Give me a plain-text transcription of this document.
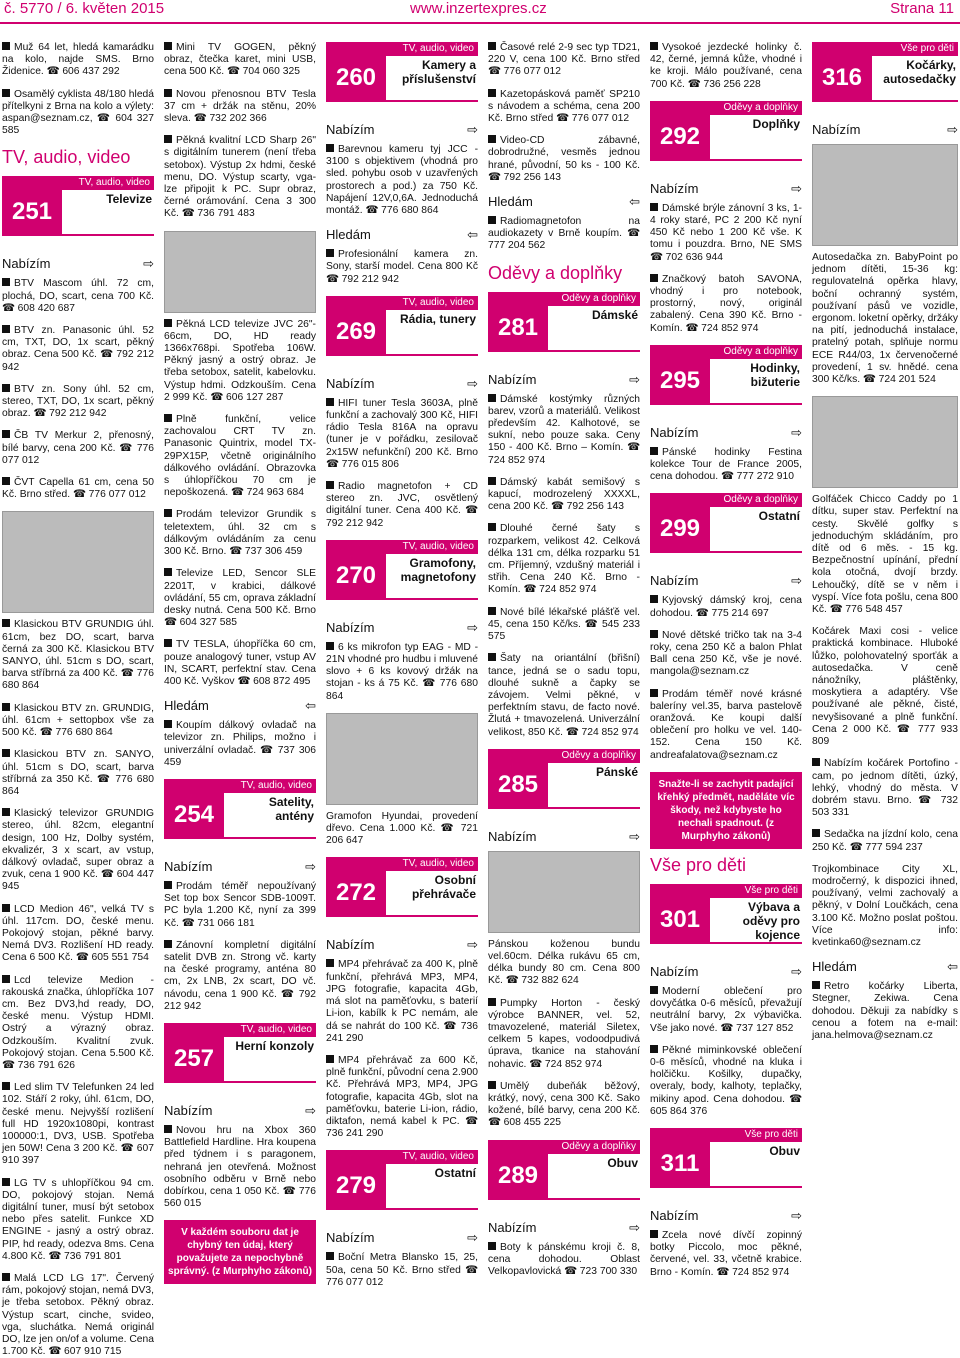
č. 5770 / 6. květen 2015	www.inzertexpres.cz	Strana 11

Muž 64 let, hledá kamarádku na kolo, najde SMS. Brno Židenice. ☎ 606 437 292

Osamělý cyklista 48/180 hledá přítelkyni z Brna na kolo a výlety: aspan@seznam.cz, ☎ 604 327 585

TV, audio, video
TV, audio, video
251	Televize
Nabízím	⇨

BTV Mascom úhl. 72 cm, plochá, DO, scart, cena 700 Kč. ☎ 608 420 687

BTV zn. Panasonic úhl. 52 cm, TXT, DO, 1x scart, pěkný obraz. Cena 500 Kč. ☎ 792 212 942

BTV zn. Sony úhl. 52 cm, stereo, TXT, DO, 1x scart, pěkný obraz. ☎ 792 212 942

ČB TV Merkur 2, přenosný, bílé barvy, cena 200 Kč. ☎ 776 077 012

ČVT Capella 61 cm, cena 50 Kč. Brno střed. ☎ 776 077 012

Klasickou BTV GRUNDIG úhl. 61cm, bez DO, scart, barva černá za 300 Kč. Klasickou BTV SANYO, úhl. 51cm s DO, scart, barva stříbrná za 400 Kč. ☎ 776 680 864

Klasickou BTV zn. GRUNDIG, úhl. 61cm + settopbox vše za 500 Kč. ☎ 776 680 864

Klasickou BTV zn. SANYO, úhl. 51cm s DO, scart, barva stříbrná za 350 Kč. ☎ 776 680 864

Klasický televizor GRUNDIG stereo, úhl. 82cm, elegantní design, 100 Hz, Dolby systém, ekvalizér, 3 x scart, av vstup, dálkový ovladač, super obraz a zvuk, cena 1 900 Kč. ☎ 604 447 945

LCD Medion 46", velká TV s úhl. 117cm. DO, české menu. Pokojový stojan, pěkné barvy. Nemá DV3. Rozlišení HD ready. Cena 6 500 Kč. ☎ 605 551 754

Lcd televize Medion - rakouská značka, úhlopříčka 107 cm. Bez DV3,hd ready, DO, české menu. Výstup HDMI. Ostrý a výrazný obraz. Odzkouším. Kvalitní zvuk. Pokojový stojan. Cena 5.500 Kč. ☎ 736 791 626

Led slim TV Telefunken 24 led 102. Stáří 2 roky, úhl. 61cm, DO, české menu. Nejvyšší rozlišení full HD 1920x1080pi, kontrast 100000:1, DV3, USB. Spotřeba jen 50W! Cena 3 200 Kč. ☎ 607 910 397

LG TV s uhlopříčkou 94 cm. DO, pokojový stojan. Nemá digitální tuner, musí být setobox nebo přes satelit. Funkce XD ENGINE - jasný a ostrý obraz. PIP, hd ready, odezva 8ms. Cena 4.800 Kč. ☎ 736 791 801

Malá LCD LG 17". Červený rám, pokojový stojan, nemá DV3, je třeba setobox. Pěkný obraz. Výstup scart, cinche, svideo, vga, sluchátka. Nemá originál DO, lze jen on/of a volume. Cena 1.700 Kč. ☎ 607 910 715

Mini TV GOGEN, pěkný obraz, čtečka karet, mini USB, cena 500 Kč. ☎ 704 060 325

Novou přenosnou BTV Tesla 37 cm + držák na stěnu, 20% sleva. ☎ 732 202 366

Pěkná kvalitní LCD Sharp 26" s digitálním tunerem (není třeba setobox). Výstup 2x hdmi, české menu, DO. Výstup scarty, vga-lze připojit k PC. Supr obraz, černé orámování. Cena 3 300 Kč. ☎ 736 791 483

Pěkná LCD televize JVC 26"- 66cm, DO, HD ready 1366x768pi. Spotřeba 106W. Pěkný jasný a ostrý obraz. Je třeba setobox, satelit, kabelovku. Výstup hdmi. Odzkouším. Cena 2 999 Kč. ☎ 606 127 287

Plně funkční, velice zachovalou CRT TV zn. Panasonic Quintrix, model TX-29PX15P, včetně originálního dálkového ovládání. Obrazovka s úhlopříčkou 70 cm je nepoškozená. ☎ 724 963 684

Prodám televizor Grundik s teletextem, úhl. 32 cm s dálkovým ovládáním za cenu 300 Kč. Brno. ☎ 737 306 459

Televize LED, Sencor SLE 2201T, v krabici, dálkové ovládání, 55 cm, oprava základní desky nutná. Cena 500 Kč. Brno ☎ 604 327 585

TV TESLA, úhopříčka 60 cm, pouze analogový tuner, vstup AV IN, SCART, perfektní stav. Cena 400 Kč. Vyškov ☎ 608 872 495

Hledám	⇦

Koupím dálkový ovladač na televizor zn. Philips, možno i univerzální ovladač. ☎ 737 306 459

TV, audio, video
254	Satelity, antény
Nabízím	⇨

Prodám téměř nepoužívaný Set top box Sencor SDB-1009T. PC byla 1.200 Kč, nyní za 399 Kč. ☎ 731 066 181

Zánovní kompletní digitální satelit DVB zn. Strong vč. karty na české programy, anténa 80 cm, 2x LNB, 2x scart, DO vč. návodu, cena 1 900 Kč. ☎ 792 212 942

TV, audio, video
257	Herní konzoly
Nabízím	⇨

Novou hru na Xbox 360 Battlefield Hardline. Hra koupena před týdnem i s paragonem, nehraná jen otevřená. Možnost osobního odběru v Brně nebo dobírkou, cena 1 050 Kč. ☎ 776 560 015

V každém souboru dat je chybný ten údaj, který považujete za nepochybně správný. (z Murphyho zákonů)
TV, audio, video
260	Kamery a příslušenství
Nabízím	⇨

Barevnou kameru tyj JCC - 3100 s objektivem (vhodná pro sled. pohybu osob v uzavřených prostorech a pod.) za 750 Kč. Napájení 12V,0,6A. Jednoduchá montáž. ☎ 776 680 864

Hledám	⇦

Profesionální kamera zn. Sony, starší model. Cena 800 Kč ☎ 792 212 942

TV, audio, video
269	Rádia, tunery
Nabízím	⇨

HIFI tuner Tesla 3603A, plně funkční a zachovalý 300 Kč, HIFI rádio Tesla 816A na opravu (tuner je v pořádku, zesilovač 2x15W nefunkční) 200 Kč. Brno ☎ 776 015 806

Radio magnetofon + CD stereo zn. JVC, osvětlený digitální tuner. Cena 400 Kč. ☎ 792 212 942

TV, audio, video
270	Gramofony, magnetofony
Nabízím	⇨

6 ks mikrofon typ EAG - MD - 21N vhodné pro hudbu i mluvené slovo + 6 ks kovový držák na stojan - ks á 75 Kč. ☎ 776 680 864

Gramofon Hyundai, provedení dřevo. Cena 1.000 Kč. ☎ 721 206 647

TV, audio, video
272	Osobní přehrávače
Nabízím	⇨

MP4 přehrávač za 400 K, plně funkční, přehrává MP3, MP4, JPG fotografie, kapacita 4Gb, má slot na paměťovku, s baterií Li-ion, kabílk k PC nemám, ale dá se nahrát do 100 Kč. ☎ 736 241 290

MP4 přehrávač za 600 Kč, plně funkční, původní cena 2.900 Kč. Přehrává MP3, MP4, JPG fotografie, kapacita 4Gb, slot na paměťovku, baterie Li-ion, rádio, diktafon, nemá kabel k PC. ☎ 736 241 290

TV, audio, video
279	Ostatní
Nabízím	⇨

Boční Metra Blansko 15, 25, 50a, cena 50 Kč. Brno střed ☎ 776 077 012

Časové relé 2-9 sec typ TD21, 220 V, cena 100 Kč. Brno střed ☎ 776 077 012

Kazetopásková paměť SP210 s návodem a schéma, cena 200 Kč. Brno střed ☎ 776 077 012

Video-CD zábavné, dobrodružné, vesměs jednou hrané, původní, 50 ks - 100 Kč. ☎ 792 256 143

Hledám	⇦

Radiomagnetofon na audiokazety v Brně koupím. ☎ 777 204 562

Oděvy a doplňky
Oděvy a doplňky
281	Dámské
Nabízím	⇨

Dámské kostýmky různých barev, vzorů a materiálů. Velikost především 42. Kalhotové, se sukní, nebo pouze saka. Ceny 150 - 400 Kč. Brno – Komín. ☎ 724 852 974

Dámský kabát semišový s kapucí, modrozelený XXXXL, cena 200 Kč. ☎ 792 256 143

Dlouhé černé šaty s rozparkem, velikost 42. Celková délka 131 cm, délka rozparku 51 cm. Příjemný, vzdušný materiál i střih. Cena 240 Kč. Brno - Komín. ☎ 724 852 974

Nové bílé lékařské plášťě vel. 45, cena 150 Kč/ks. ☎ 545 233 575

Šaty na oriantální (břišní) tance, jedná se o sadu topu, dlouhé sukně a čapky se závojem. Velmi pěkné, v perfektním stavu, de facto nové. Žlutá + tmavozelená. Univerzální velikost, 850 Kč. ☎ 724 852 974

Oděvy a doplňky
285	Pánské
Nabízím	⇨

Pánskou koženou bundu vel.60cm. Délka rukávu 65 cm, délka bundy 80 cm. Cena 800 Kč. ☎ 732 882 624

Pumpky Horton - český výrobce BANNER, vel. 52, tmavozelené, materiál Siletex, celkem 5 kapes, vodoodpudivá úprava, tkanice na stahování nohavic. ☎ 724 852 974

Umělý dubeňák běžový, krátký, nový, cena 300 Kč. Sako kožené, bílé barvy, cena 200 Kč. ☎ 608 455 225

Oděvy a doplňky
289	Obuv
Nabízím	⇨

Boty k pánskému kroji č. 8, cena dohodou. Oblast Velkopavlovická ☎ 723 700 330

Vysokoé jezdecké holinky č. 42, černé, jemná kůže, vhodné i ke kroji. Málo používané, cena 700 Kč. ☎ 736 256 228

Oděvy a doplňky
292	Doplňky
Nabízím	⇨

Dámské brýle zánovní 3 ks, 1-4 roky staré, PC 2 200 Kč nyní 450 Kč nebo 1 200 Kč vše. K tomu i pouzdra. Brno, NE SMS ☎ 702 636 944

Značkový batoh SAVONA, vhodný i pro notebook, prostorný, nový, originál zabalený. Cena 390 Kč. Brno - Komín. ☎ 724 852 974

Oděvy a doplňky
295	Hodinky, bižuterie
Nabízím	⇨

Pánské hodinky Festina kolekce Tour de France 2005, cena dohodou. ☎ 777 272 910

Oděvy a doplňky
299	Ostatní
Nabízím	⇨

Kyjovský dámský kroj, cena dohodou. ☎ 775 214 697

Nové dětské tričko tak na 3-4 roky, cena 250 Kč a balon Phlat Ball cena 250 Kč, vše je nové. mangola@seznam.cz

Prodám téměř nové krásné baleríny vel.35, barva pastelově oranžová. Ke koupi další oblečení pro holku ve vel. 140-152. Cena 150 Kč. andreafalatova@seznam.cz

Snažte-li se zachytit padající křehký předmět, naděláte víc škody, než kdybyste ho nechali spadnout. (z Murphyho zákonů)
Vše pro děti
Vše pro děti
301	Výbava a oděvy pro kojence
Nabízím	⇨

Moderní oblečení pro dovyčátka 0-6 měsíců, převažují neutrální barvy, 2x výbavička. Vše jako nové. ☎ 737 127 852

Pěkné miminkovské oblečení 0-6 měsíců, vhodné na kluka i holčičku. Košilky, dupačky, overaly, body, kalhoty, teplačky, mikiny apod. Cena dohodou. ☎ 605 864 376

Vše pro děti
311	Obuv
Nabízím	⇨

Zcela nové dívčí zopinný botky Piccolo, moc pěkné, červené, vel. 33, včetně krabice. Brno - Komín. ☎ 724 852 974

Vše pro děti
316	Kočárky, autosedačky
Nabízím	⇨

Autosedačka zn. BabyPoint po jednom dítěti, 15-36 kg: regulovatelná opěrka hlavy, boční ochranný systém, používaní pásů ve vozidle, ergonom. loketní opěrky, držáky na pití, jednoduchá instalace, pratelný potah, splňuje normu ECE R44/03, 1x červenočerné provedení, 1 sv. hnědé. cena 300 Kč/ks. ☎ 724 201 524

Golfáček Chicco Caddy po 1 dítku, super stav. Perfektní na cesty. Skvělé golfky s jednoduchým skládáním, pro dítě od 6 měs. - 15 kg. Bezpečnostní upínání, přední kola otočná, dvojí brzdy. Lehoučký, dítě se v něm i vyspí. Více fota pošlu, cena 800 Kč. ☎ 776 548 457

Kočárek Maxi cosi - velice praktická kombinace. Hluboké lůžko, polohovatelný sporťák a autosedačka. V ceně nánožníky, pláštěnky, moskytiera a adaptéry. Vše používané ale pěkné, čisté, nevyšisované a plně funkční. Cena 2 000 Kč. ☎ 777 933 809

Nabízím kočárek Portofino - cam, po jednom dítěti, úzký, lehký, vhodný do města. V dobrém stavu. Brno. ☎ 732 503 331

Sedačka na jízdní kolo, cena 250 Kč. ☎ 777 594 237

Trojkombinace City XL, modročerný, k dispozici ihned, používaný, velmi zachovalý a pěkný, v Dolní Loučkách, cena 3.100 Kč. Možno poslat poštou. Více info: kvetinka60@seznam.cz

Hledám	⇦

Retro kočárky Liberta, Stegner, Zekiwa. Cena dohodou. Děkuji za nabídky s cenou a fotem na e-mail: jana.helmova@seznam.cz
